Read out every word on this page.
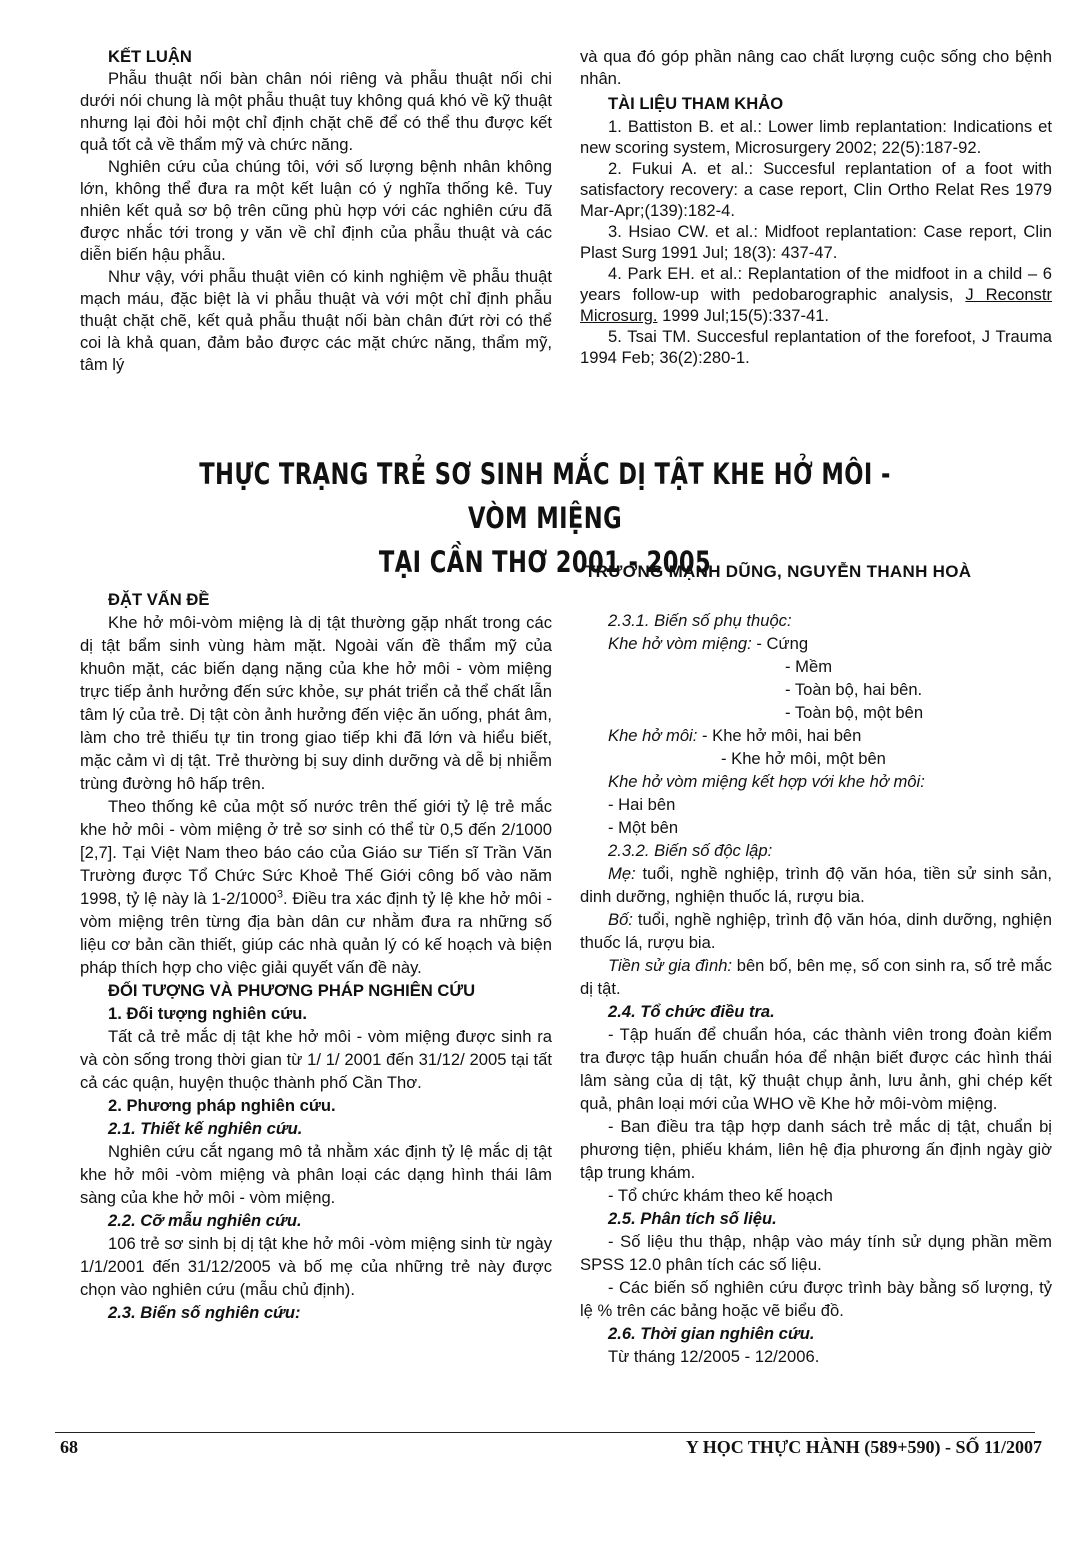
KẾT LUẬN

Phẫu thuật nối bàn chân nói riêng và phẫu thuật nối chi dưới nói chung là một phẫu thuật tuy không quá khó về kỹ thuật nhưng lại đòi hỏi một chỉ định chặt chẽ để có thể thu được kết quả tốt cả về thẩm mỹ và chức năng.

Nghiên cứu của chúng tôi, với số lượng bệnh nhân không lớn, không thể đưa ra một kết luận có ý nghĩa thống kê. Tuy nhiên kết quả sơ bộ trên cũng phù hợp với các nghiên cứu đã được nhắc tới trong y văn về chỉ định của phẫu thuật và các diễn biến hậu phẫu.

Như vậy, với phẫu thuật viên có kinh nghiệm về phẫu thuật mạch máu, đặc biệt là vi phẫu thuật và với một chỉ định phẫu thuật chặt chẽ, kết quả phẫu thuật nối bàn chân đứt rời có thể coi là khả quan, đảm bảo được các mặt chức năng, thẩm mỹ, tâm lý

và qua đó góp phần nâng cao chất lượng cuộc sống cho bệnh nhân.

TÀI LIỆU THAM KHẢO

1. Battiston B. et al.: Lower limb replantation: Indications et new scoring system, Microsurgery 2002; 22(5):187-92.

2. Fukui A. et al.: Succesful replantation of a foot with satisfactory recovery: a case report, Clin Ortho Relat Res 1979 Mar-Apr;(139):182-4.

3. Hsiao CW. et al.: Midfoot replantation: Case report, Clin Plast Surg 1991 Jul; 18(3): 437-47.

4. Park EH. et al.: Replantation of the midfoot in a child – 6 years follow-up with pedobarographic analysis, J Reconstr Microsurg. 1999 Jul;15(5):337-41.

5. Tsai TM. Succesful replantation of the forefoot, J Trauma 1994 Feb; 36(2):280-1.

THỰC TRẠNG TRẺ SƠ SINH MẮC DỊ TẬT KHE HỞ MÔI - VÒM MIỆNG
TẠI CẦN THƠ 2001 - 2005
TRƯƠNG MẠNH DŨNG, NGUYỄN THANH HOÀ

ĐẶT VẤN ĐỀ

Khe hở môi-vòm miệng là dị tật thường gặp nhất trong các dị tật bẩm sinh vùng hàm mặt. Ngoài vấn đề thẩm mỹ của khuôn mặt, các biến dạng nặng của khe hở môi - vòm miệng trực tiếp ảnh hưởng đến sức khỏe, sự phát triển cả thể chất lẫn tâm lý của trẻ. Dị tật còn ảnh hưởng đến việc ăn uống, phát âm, làm cho trẻ thiếu tự tin trong giao tiếp khi đã lớn và hiểu biết, mặc cảm vì dị tật. Trẻ thường bị suy dinh dưỡng và dễ bị nhiễm trùng đường hô hấp trên.

Theo thống kê của một số nước trên thế giới tỷ lệ trẻ mắc khe hở môi - vòm miệng ở trẻ sơ sinh có thể từ 0,5 đến 2/1000 [2,7]. Tại Việt Nam theo báo cáo của Giáo sư Tiến sĩ Trần Văn Trường được Tổ Chức Sức Khoẻ Thế Giới công bố vào năm 1998, tỷ lệ này là 1-2/1000$^3$. Điều tra xác định tỷ lệ khe hở môi - vòm miệng trên từng địa bàn dân cư nhằm đưa ra những số liệu cơ bản cần thiết, giúp các nhà quản lý có kế hoạch và biện pháp thích hợp cho việc giải quyết vấn đề này.

ĐỐI TƯỢNG VÀ PHƯƠNG PHÁP NGHIÊN CỨU

1. Đối tượng nghiên cứu.

Tất cả trẻ mắc dị tật khe hở môi - vòm miệng được sinh ra và còn sống trong thời gian từ 1/ 1/ 2001 đến 31/12/ 2005 tại tất cả các quận, huyện thuộc thành phố Cần Thơ.

2. Phương pháp nghiên cứu.

2.1. Thiết kế nghiên cứu.

Nghiên cứu cắt ngang mô tả nhằm xác định tỷ lệ mắc dị tật khe hở môi -vòm miệng và phân loại các dạng hình thái lâm sàng của khe hở môi - vòm miệng.

2.2. Cỡ mẫu nghiên cứu.

106 trẻ sơ sinh bị dị tật khe hở môi -vòm miệng sinh từ ngày 1/1/2001 đến 31/12/2005 và bố mẹ của những trẻ này được chọn vào nghiên cứu (mẫu chủ định).

2.3. Biến số nghiên cứu:

2.3.1. Biến số phụ thuộc:

Khe hở vòm miệng: - Cứng

- Mềm

- Toàn bộ, hai bên.

- Toàn bộ, một bên

Khe hở môi: - Khe hở môi, hai bên

- Khe hở môi, một bên

Khe hở vòm miệng kết hợp với khe hở môi:

- Hai bên

- Một bên

2.3.2. Biến số độc lập:

Mẹ: tuổi, nghề nghiệp, trình độ văn hóa, tiền sử sinh sản, dinh dưỡng, nghiện thuốc lá, rượu bia.

Bố: tuổi, nghề nghiệp, trình độ văn hóa, dinh dưỡng, nghiện thuốc lá, rượu bia.

Tiền sử gia đình: bên bố, bên mẹ, số con sinh ra, số trẻ mắc dị tật.

2.4. Tổ chức điều tra.

- Tập huấn để chuẩn hóa, các thành viên trong đoàn kiểm tra được tập huấn chuẩn hóa để nhận biết được các hình thái lâm sàng của dị tật, kỹ thuật chụp ảnh, lưu ảnh, ghi chép kết quả, phân loại mới của WHO về Khe hở môi-vòm miệng.

- Ban điều tra tập hợp danh sách trẻ mắc dị tật, chuẩn bị phương tiện, phiếu khám, liên hệ địa phương ấn định ngày giờ tập trung khám.

- Tổ chức khám theo kế hoạch

2.5. Phân tích số liệu.

- Số liệu thu thập, nhập vào máy tính sử dụng phần mềm SPSS 12.0 phân tích các số liệu.

- Các biến số nghiên cứu được trình bày bằng số lượng, tỷ lệ % trên các bảng hoặc vẽ biểu đồ.

2.6. Thời gian nghiên cứu.

Từ tháng 12/2005 - 12/2006.

68	Y HỌC THỰC HÀNH (589+590) - SỐ 11/2007
